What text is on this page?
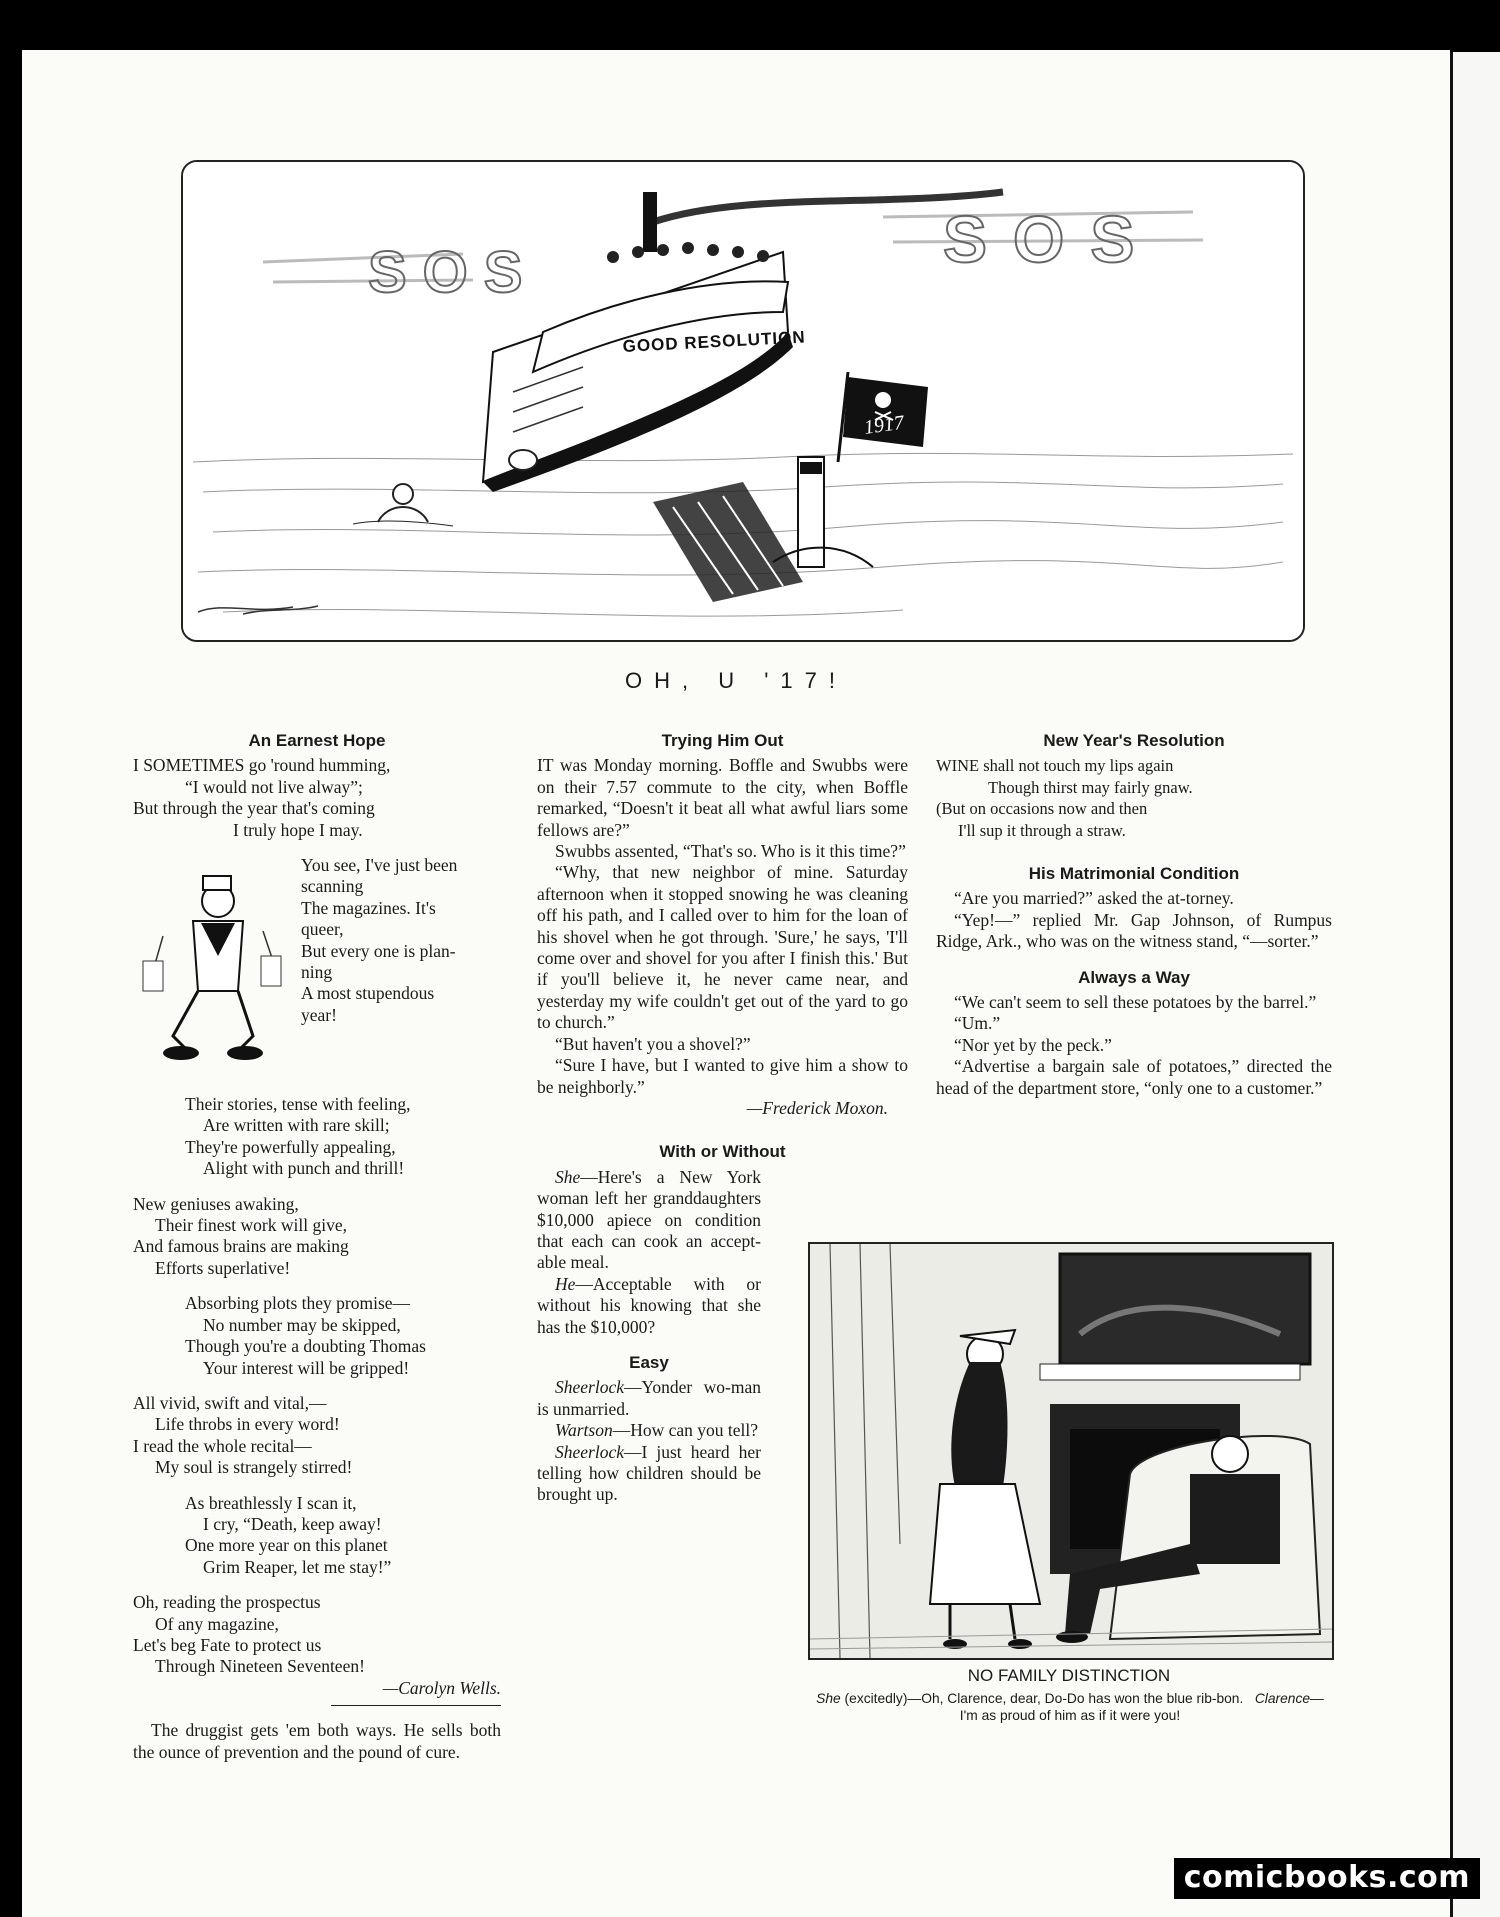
SOS	SOS
GOOD RESOLUTION
1917
OH, U '17!
An Earnest Hope
I SOMETIMES go 'round humming,
“I would not live alway”;
But through the year that's coming
I truly hope I may.
You see, I've just been
scanning
The magazines. It's
queer,
But every one is plan-
ning
A most stupendous
year!
Their stories, tense with feeling,
Are written with rare skill;
They're powerfully appealing,
Alight with punch and thrill!
New geniuses awaking,
Their finest work will give,
And famous brains are making
Efforts superlative!
Absorbing plots they promise—
No number may be skipped,
Though you're a doubting Thomas
Your interest will be gripped!
All vivid, swift and vital,—
Life throbs in every word!
I read the whole recital—
My soul is strangely stirred!
As breathlessly I scan it,
I cry, “Death, keep away!
One more year on this planet
Grim Reaper, let me stay!”
Oh, reading the prospectus
Of any magazine,
Let's beg Fate to protect us
Through Nineteen Seventeen!

—Carolyn Wells.

The druggist gets 'em both ways. He sells both the ounce of prevention and the pound of cure.

Trying Him Out

IT was Monday morning. Boffle and Swubbs were on their 7.57 commute to the city, when Boffle remarked, “Doesn't it beat all what awful liars some fellows are?”

Swubbs assented, “That's so. Who is it this time?”

“Why, that new neighbor of mine. Saturday afternoon when it stopped snowing he was cleaning off his path, and I called over to him for the loan of his shovel when he got through. 'Sure,' he says, 'I'll come over and shovel for you after I finish this.' But if you'll believe it, he never came near, and yesterday my wife couldn't get out of the yard to go to church.”

“But haven't you a shovel?”

“Sure I have, but I wanted to give him a show to be neighborly.”

—Frederick Moxon.

With or Without

She—Here's a New York woman left her granddaughters $10,000 apiece on condition that each can cook an accept-able meal.

He—Acceptable with or without his knowing that she has the $10,000?

Easy

Sheerlock—Yonder wo-man is unmarried.

Wartson—How can you tell?

Sheerlock—I just heard her telling how children should be brought up.

New Year's Resolution
WINE shall not touch my lips again
Though thirst may fairly gnaw.
(But on occasions now and then
I'll sup it through a straw.
His Matrimonial Condition

“Are you married?” asked the at-torney.

“Yep!—” replied Mr. Gap Johnson, of Rumpus Ridge, Ark., who was on the witness stand, “—sorter.”

Always a Way

“We can't seem to sell these potatoes by the barrel.”

“Um.”

“Nor yet by the peck.”

“Advertise a bargain sale of potatoes,” directed the head of the department store, “only one to a customer.”

NO FAMILY DISTINCTION
She (excitedly)—Oh, Clarence, dear, Do-Do has won the blue rib-bon. Clarence—I'm as proud of him as if it were you!
comicbooks.com
